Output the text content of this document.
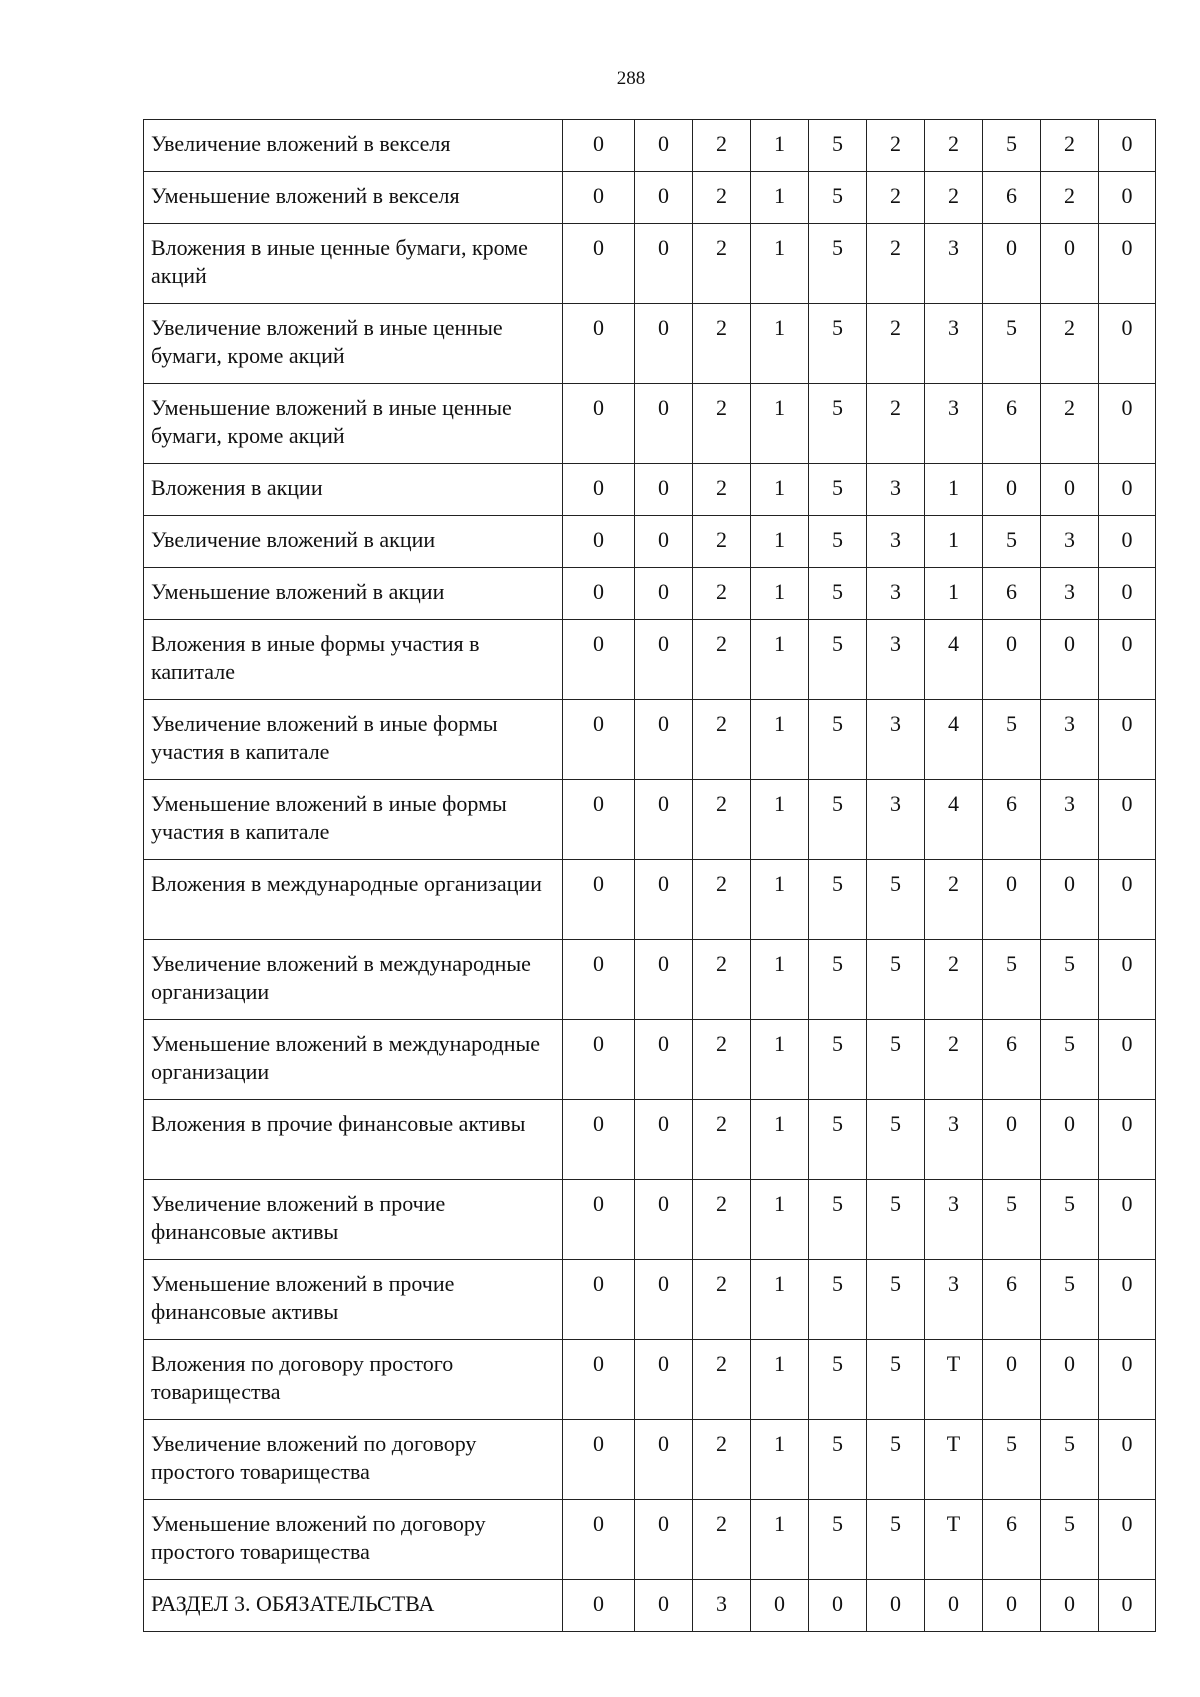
288
Увеличение вложений в векселя	0	0	2	1	5	2	2	5	2	0
Уменьшение вложений в векселя	0	0	2	1	5	2	2	6	2	0
Вложения в иные ценные бумаги, кроме акций	0	0	2	1	5	2	3	0	0	0
Увеличение вложений в иные ценные бумаги, кроме акций	0	0	2	1	5	2	3	5	2	0
Уменьшение вложений в иные ценные бумаги, кроме акций	0	0	2	1	5	2	3	6	2	0
Вложения в акции	0	0	2	1	5	3	1	0	0	0
Увеличение вложений в акции	0	0	2	1	5	3	1	5	3	0
Уменьшение вложений в акции	0	0	2	1	5	3	1	6	3	0
Вложения в иные формы участия в капитале	0	0	2	1	5	3	4	0	0	0
Увеличение вложений в иные формы участия в капитале	0	0	2	1	5	3	4	5	3	0
Уменьшение вложений в иные формы участия в капитале	0	0	2	1	5	3	4	6	3	0
Вложения в международные организации	0	0	2	1	5	5	2	0	0	0
Увеличение вложений в международные организации	0	0	2	1	5	5	2	5	5	0
Уменьшение вложений в международные организации	0	0	2	1	5	5	2	6	5	0
Вложения в прочие финансовые активы	0	0	2	1	5	5	3	0	0	0
Увеличение вложений в прочие финансовые активы	0	0	2	1	5	5	3	5	5	0
Уменьшение вложений в прочие финансовые активы	0	0	2	1	5	5	3	6	5	0
Вложения по договору простого товарищества	0	0	2	1	5	5	Т	0	0	0
Увеличение вложений по договору простого товарищества	0	0	2	1	5	5	Т	5	5	0
Уменьшение вложений по договору простого товарищества	0	0	2	1	5	5	Т	6	5	0
РАЗДЕЛ 3. ОБЯЗАТЕЛЬСТВА	0	0	3	0	0	0	0	0	0	0
